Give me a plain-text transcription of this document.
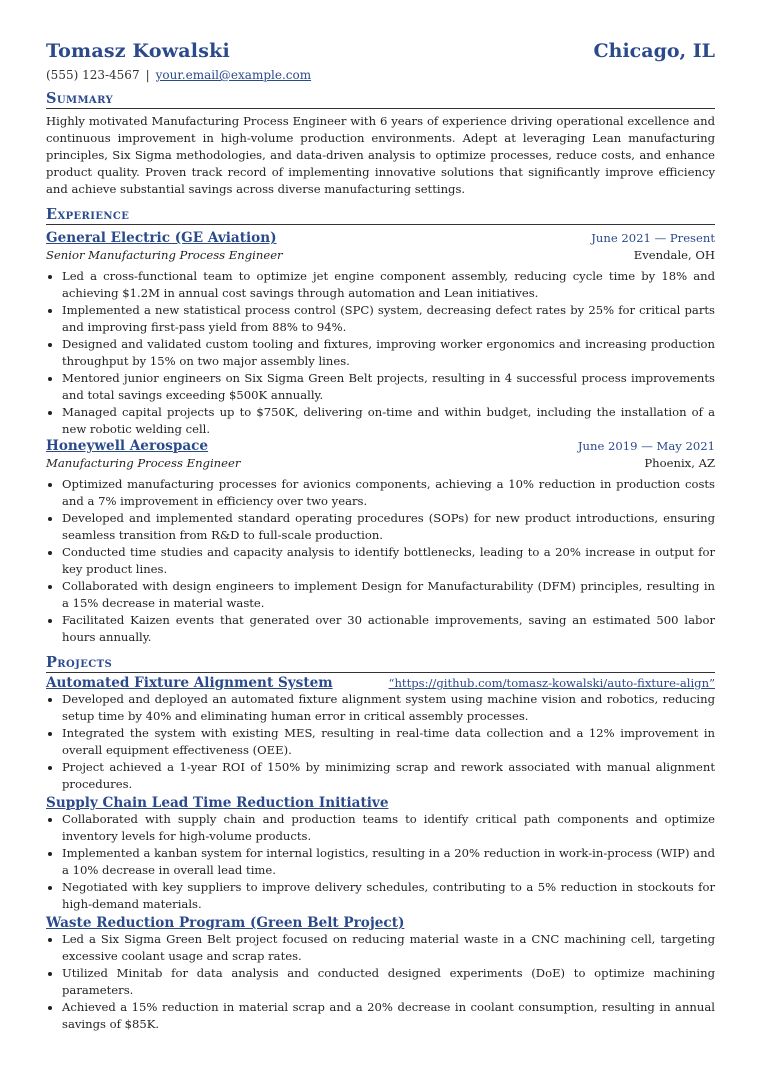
Tomasz Kowalski	Chicago, IL
(555) 123-4567 | your.email@example.com
Summary
Highly motivated Manufacturing Process Engineer with 6 years of experience driving operational excellence and continuous improvement in high-volume production environments. Adept at leveraging Lean manufacturing principles, Six Sigma methodologies, and data-driven analysis to optimize processes, reduce costs, and enhance product quality. Proven track record of implementing innovative solutions that significantly improve efficiency and achieve substantial savings across diverse manufacturing settings.
Experience
General Electric (GE Aviation)	June 2021 — Present
Senior Manufacturing Process Engineer	Evendale, OH
• Led a cross-functional team to optimize jet engine component assembly, reducing cycle time by 18% and achieving $1.2M in annual cost savings through automation and Lean initiatives.
• Implemented a new statistical process control (SPC) system, decreasing defect rates by 25% for critical parts and improving first-pass yield from 88% to 94%.
• Designed and validated custom tooling and fixtures, improving worker ergonomics and increasing production throughput by 15% on two major assembly lines.
• Mentored junior engineers on Six Sigma Green Belt projects, resulting in 4 successful process improvements and total savings exceeding $500K annually.
• Managed capital projects up to $750K, delivering on-time and within budget, including the installation of a new robotic welding cell.
Honeywell Aerospace	June 2019 — May 2021
Manufacturing Process Engineer	Phoenix, AZ
• Optimized manufacturing processes for avionics components, achieving a 10% reduction in production costs and a 7% improvement in efficiency over two years.
• Developed and implemented standard operating procedures (SOPs) for new product introductions, ensuring seamless transition from R&D to full-scale production.
• Conducted time studies and capacity analysis to identify bottlenecks, leading to a 20% increase in output for key product lines.
• Collaborated with design engineers to implement Design for Manufacturability (DFM) principles, resulting in a 15% decrease in material waste.
• Facilitated Kaizen events that generated over 30 actionable improvements, saving an estimated 500 labor hours annually.
Projects
Automated Fixture Alignment System	“https://github.com/tomasz-kowalski/auto-fixture-align”
• Developed and deployed an automated fixture alignment system using machine vision and robotics, reducing setup time by 40% and eliminating human error in critical assembly processes.
• Integrated the system with existing MES, resulting in real-time data collection and a 12% improvement in overall equipment effectiveness (OEE).
• Project achieved a 1-year ROI of 150% by minimizing scrap and rework associated with manual alignment procedures.
Supply Chain Lead Time Reduction Initiative
• Collaborated with supply chain and production teams to identify critical path components and optimize inventory levels for high-volume products.
• Implemented a kanban system for internal logistics, resulting in a 20% reduction in work-in-process (WIP) and a 10% decrease in overall lead time.
• Negotiated with key suppliers to improve delivery schedules, contributing to a 5% reduction in stockouts for high-demand materials.
Waste Reduction Program (Green Belt Project)
• Led a Six Sigma Green Belt project focused on reducing material waste in a CNC machining cell, targeting excessive coolant usage and scrap rates.
• Utilized Minitab for data analysis and conducted designed experiments (DoE) to optimize machining parameters.
• Achieved a 15% reduction in material scrap and a 20% decrease in coolant consumption, resulting in annual savings of $85K.
